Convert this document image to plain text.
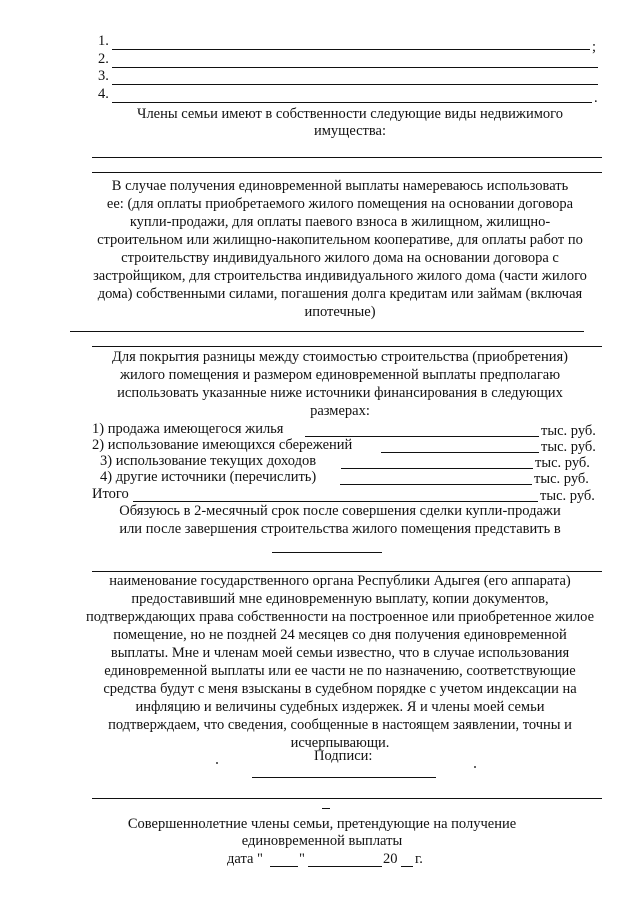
1.	;
2.
3.
4.	.
Члены семьи имеют в собственности следующие виды недвижимого
имущества:
В случае получения единовременной выплаты намереваюсь использовать
ее: (для оплаты приобретаемого жилого помещения на основании договора
купли-продажи, для оплаты паевого взноса в жилищном, жилищно-
строительном или жилищно-накопительном кооперативе, для оплаты работ по
строительству индивидуального жилого дома на основании договора с
застройщиком, для строительства индивидуального жилого дома (части жилого
дома) собственными силами, погашения долга кредитам или займам (включая
ипотечные)
Для покрытия разницы между стоимостью строительства (приобретения)
жилого помещения и размером единовременной выплаты предполагаю
использовать указанные ниже источники финансирования в следующих
размерах:
1) продажа имеющегося жилья	тыс. руб.
2) использование имеющихся сбережений	тыс. руб.
3) использование текущих доходов	тыс. руб.
4) другие источники (перечислить)	тыс. руб.
Итого	тыс. руб.
Обязуюсь в 2-месячный срок после совершения сделки купли-продажи
или после завершения строительства жилого помещения представить в
наименование государственного органа Республики Адыгея (его аппарата)
предоставивший мне единовременную выплату, копии документов,
подтверждающих права собственности на построенное или приобретенное жилое
помещение, но не поздней 24 месяцев со дня получения единовременной
выплаты. Мне и членам моей семьи известно, что в случае использования
единовременной выплаты или ее части не по назначению, соответствующие
средства будут с меня взысканы в судебном порядке с учетом индексации на
инфляцию и величины судебных издержек. Я и члены моей семьи
подтверждаем, что сведения, сообщенные в настоящем заявлении, точны и
исчерпывающи.
Подписи:
Совершеннолетние члены семьи, претендующие на получение
единовременной выплаты
дата " "	20 г.
